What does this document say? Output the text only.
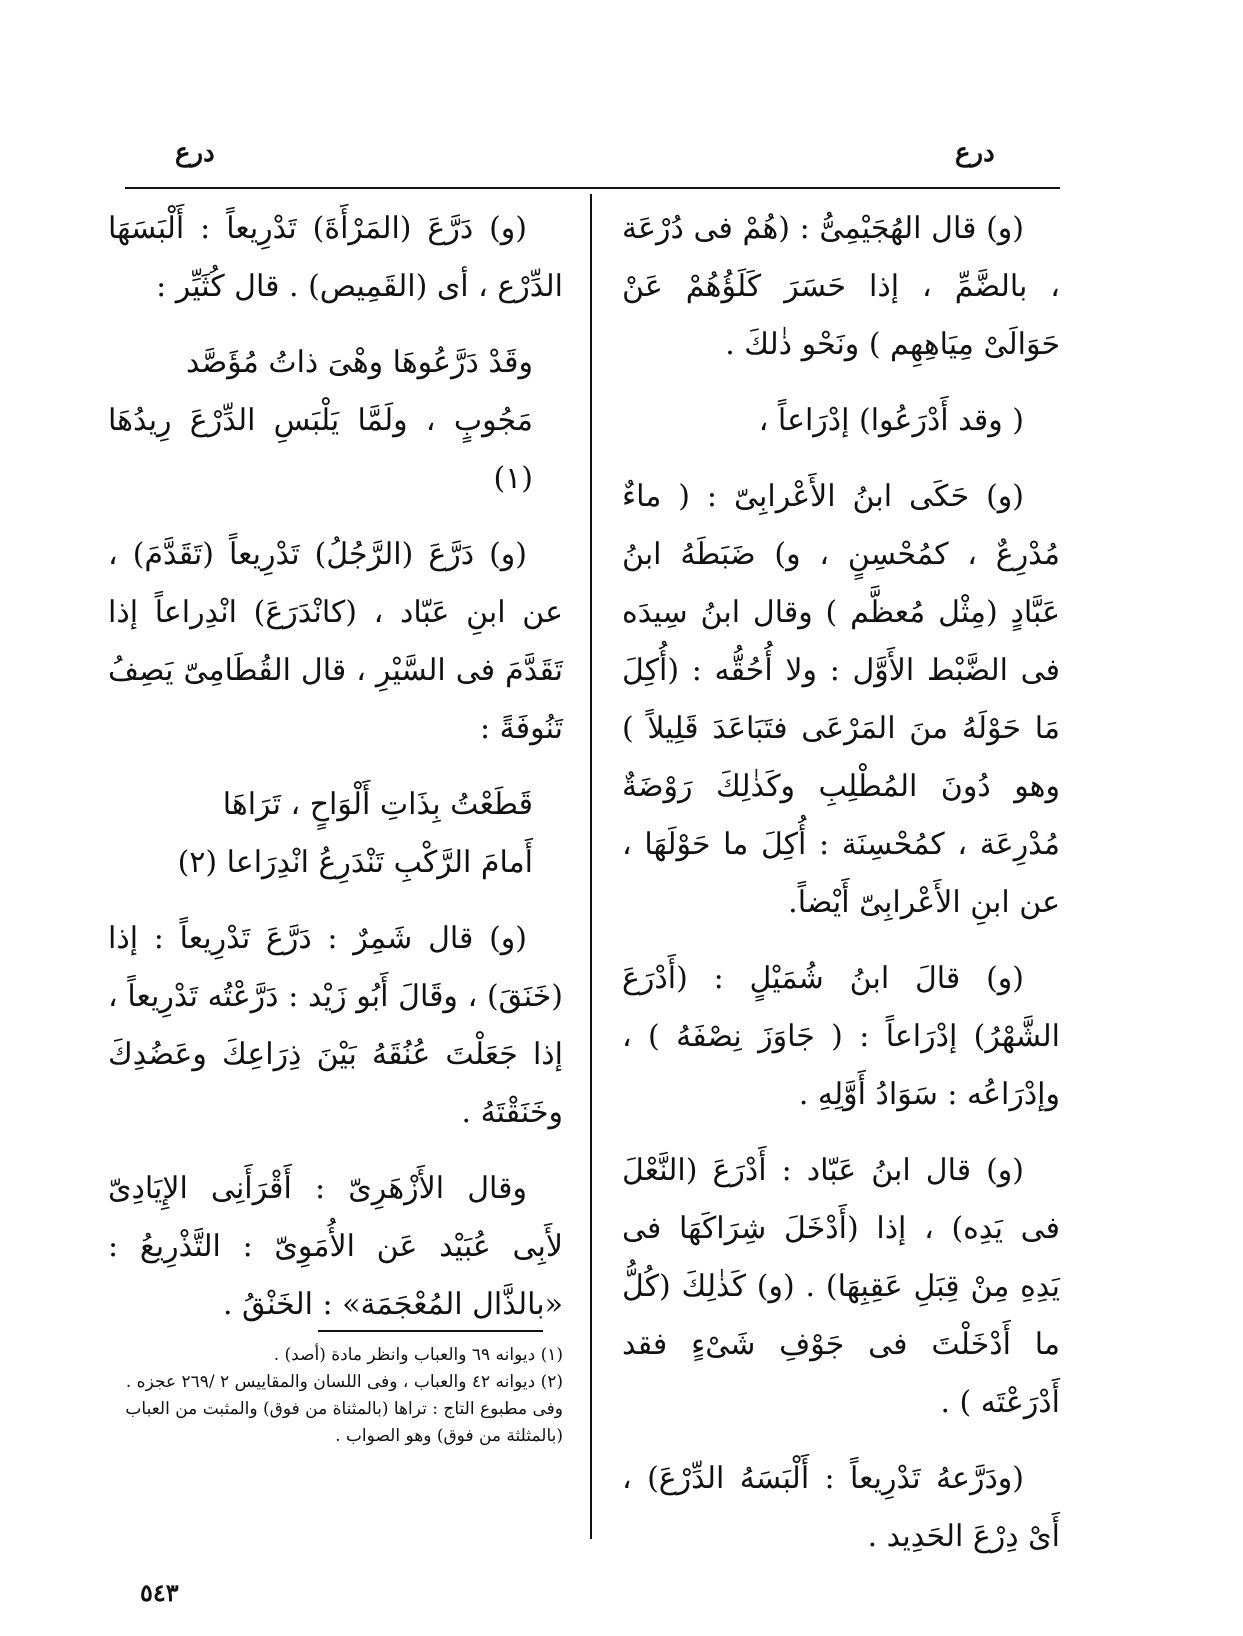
درع
درع

(و) قال الهُجَيْمِىُّ : (هُمْ فى دُرْعَة ، بالضَّمِّ ، إذا حَسَرَ كَلَؤُهُمْ عَنْ حَوَالَىْ مِيَاهِهِم ) ونَحْو ذٰلكَ .

( وقد أَدْرَعُوا) إدْرَاعاً ،

(و) حَكَى ابنُ الأَعْرابِىّ : ( ماءٌ مُدْرِعٌ ، كمُحْسِنٍ ، و) ضَبَطَهُ ابنُ عَبَّادٍ (مِثْل مُعظَّم ) وقال ابنُ سِيدَه فى الضَّبْط الأَوَّل : ولا أُحُقُّه : (أُكِلَ مَا حَوْلَهُ منَ المَرْعَى فتَبَاعَدَ قَلِيلاً ) وهو دُونَ المُطْلِبِ وكَذٰلِكَ رَوْضَةٌ مُدْرِعَة ، كمُحْسِنَة : أُكِلَ ما حَوْلَهَا ، عن ابنِ الأَعْرابِىّ أَيْضاً.

(و) قالَ ابنُ شُمَيْلٍ : (أَدْرَعَ الشَّهْرُ) إدْرَاعاً : ( جَاوَزَ نِصْفَهُ ) ، وإدْرَاعُه : سَوَادُ أَوَّلِهِ .

(و) قال ابنُ عَبّاد : أَدْرَعَ (النَّعْلَ فى يَدِه) ، إذا (أَدْخَلَ شِرَاكَهَا فى يَدِهِ مِنْ قِبَلِ عَقِبِهَا) . (و) كَذٰلِكَ (كُلُّ ما أَدْخَلْتَ فى جَوْفِ شَىْءٍ فقد أَدْرَعْتَه ) .

(ودَرَّعهُ تَدْرِيعاً : أَلْبَسَهُ الدِّرْعَ) ، أَىْ دِرْعَ الحَدِيد .

(و) دَرَّعَ (المَرْأَةَ) تَدْرِيعاً : أَلْبَسَهَا الدِّرْع ، أى (القَمِيص) . قال كُثَيِّر :

وقَدْ دَرَّعُوهَا وهْىَ ذاتُ مُؤَصَّد
مَجُوبٍ ، ولَمَّا يَلْبَسِ الدِّرْعَ رِيدُهَا (١)

(و) دَرَّعَ (الرَّجُلُ) تَدْرِيعاً (تَقَدَّمَ) ، عن ابنِ عَبّاد ، (كانْدَرَعَ) انْدِراعاً إذا تَقَدَّمَ فى السَّيْرِ ، قال القُطَامِىّ يَصِفُ تَنُوفَةً :

قَطَعْتُ بِذَاتِ أَلْوَاحٍ ، تَرَاهَا
أَمامَ الرَّكْبِ تَنْدَرِعُ انْدِرَاعا (٢)

(و) قال شَمِرٌ : دَرَّعَ تَدْرِيعاً : إذا (خَنَقَ) ، وقَالَ أَبُو زَيْد : دَرَّعْتُه تَدْرِيعاً ، إذا جَعَلْتَ عُنُقَهُ بَيْنَ ذِرَاعِكَ وعَضُدِكَ وخَنَقْتَهُ .

وقال الأَزْهَرِىّ : أَقْرَأَنِى الإِيَادِىّ لأَبِى عُبَيْد عَن الأُمَوِىّ : التَّذْرِيعُ : «بالذَّال المُعْجَمَة» : الخَنْقُ .

(١) ديوانه ٦٩ والعباب وانظر مادة (أصد) .
(٢) ديوانه ٤٢ والعباب ، وفى اللسان والمقاييس ٢ /٢٦٩ عجزه .
وفى مطبوع التاج : تراها (بالمثناة من فوق) والمثبت من العباب (بالمثلثة من فوق) وهو الصواب .
٥٤٣
